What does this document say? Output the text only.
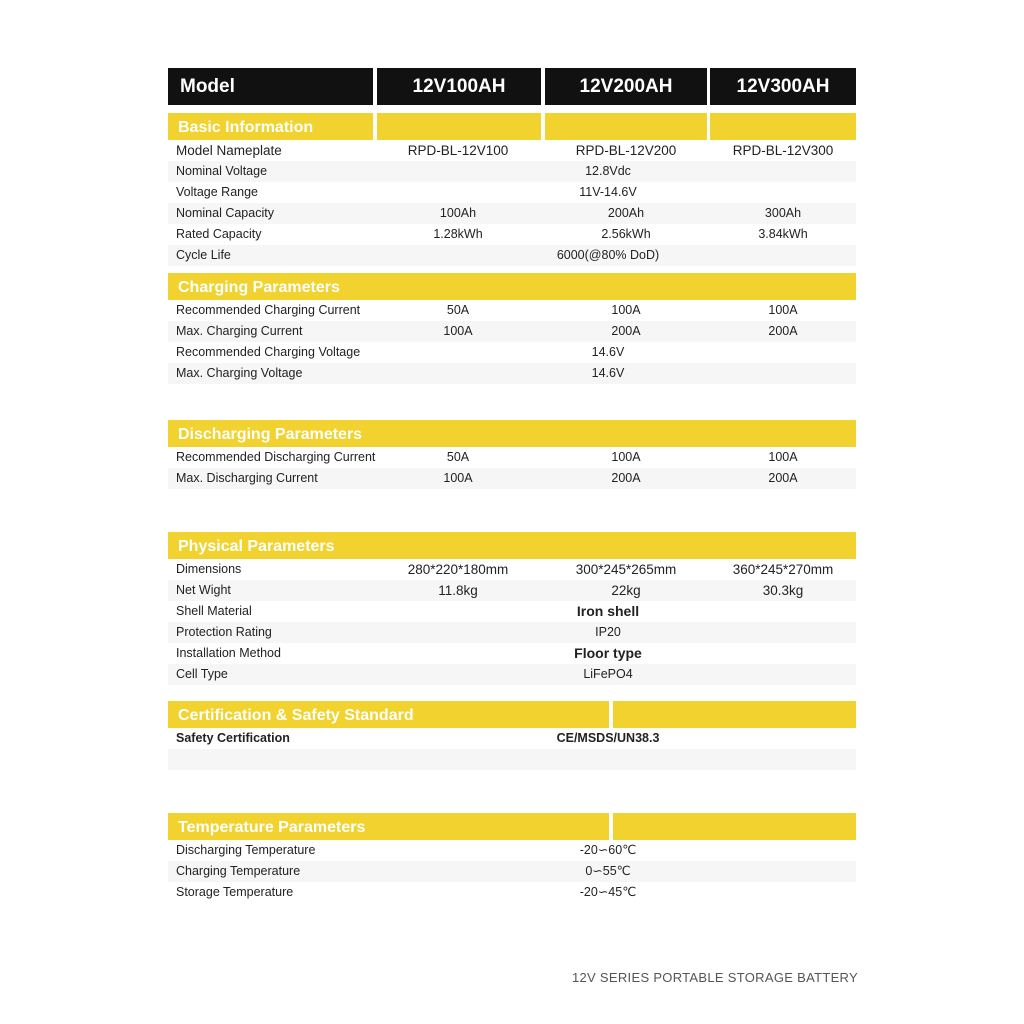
Model	12V100AH	12V200AH	12V300AH
Basic Information
Model Nameplate	RPD-BL-12V100	RPD-BL-12V200	RPD-BL-12V300
Nominal Voltage	12.8Vdc
Voltage Range	11V-14.6V
Nominal Capacity	100Ah	200Ah	300Ah
Rated Capacity	1.28kWh	2.56kWh	3.84kWh
Cycle Life	6000(@80% DoD)
Charging Parameters
Recommended Charging Current	50A	100A	100A
Max. Charging Current	100A	200A	200A
Recommended Charging Voltage	14.6V
Max. Charging Voltage	14.6V
Discharging Parameters
Recommended Discharging Current	50A	100A	100A
Max. Discharging Current	100A	200A	200A
Physical Parameters
Dimensions	280*220*180mm	300*245*265mm	360*245*270mm
Net Wight	11.8kg	22kg	30.3kg
Shell Material	Iron shell
Protection Rating	IP20
Installation Method	Floor type
Cell Type	LiFePO4
Certification & Safety Standard
Safety Certification	CE/MSDS/UN38.3
Temperature Parameters
Discharging Temperature	-20∽60℃
Charging Temperature	0∽55℃
Storage Temperature	-20∽45℃
12V SERIES PORTABLE STORAGE BATTERY
